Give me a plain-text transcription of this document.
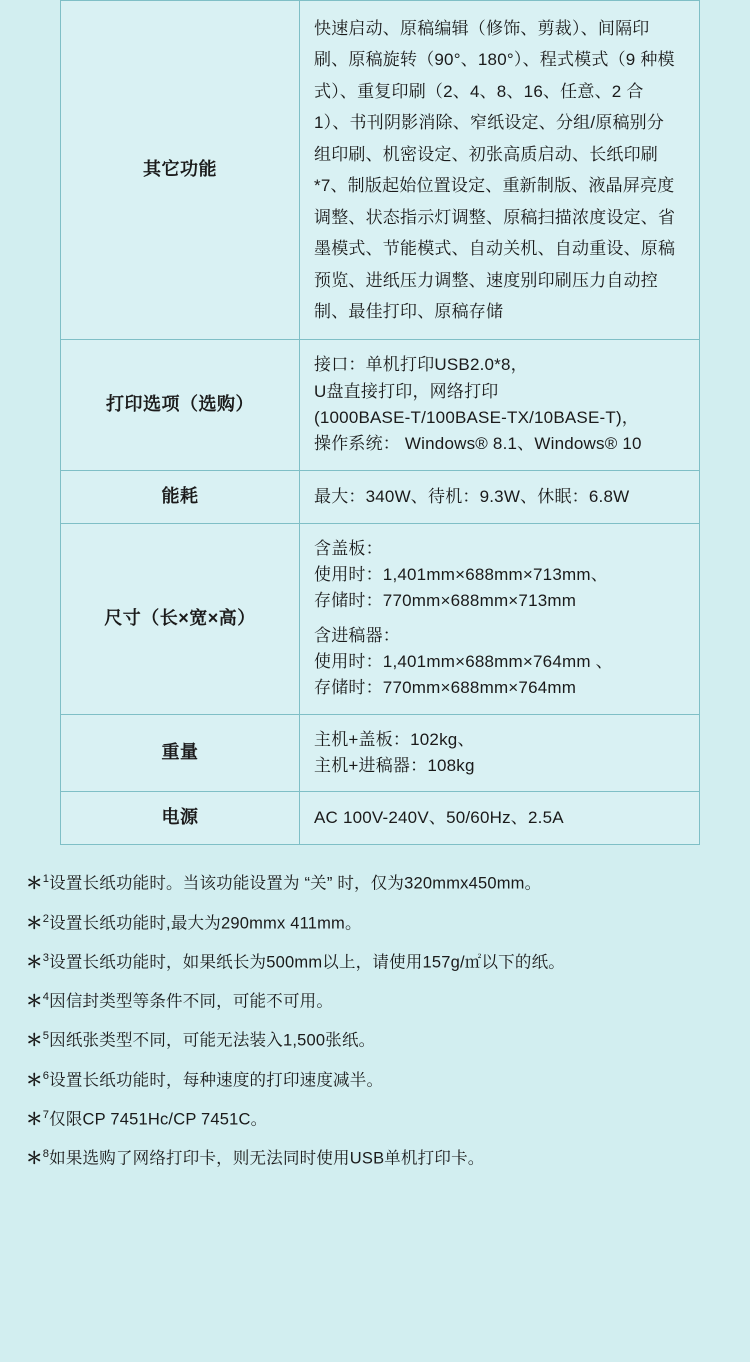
其它功能	快速启动、原稿编辑（修饰、剪裁）、间隔印刷、原稿旋转（90°、180°）、程式模式（9 种模式）、重复印刷（2、4、8、16、任意、2 合 1）、书刊阴影消除、窄纸设定、分组/原稿别分组印刷、机密设定、初张高质启动、长纸印刷 *7、制版起始位置设定、重新制版、液晶屏亮度调整、状态指示灯调整、原稿扫描浓度设定、省墨模式、节能模式、自动关机、自动重设、原稿预览、进纸压力调整、速度别印刷压力自动控制、最佳打印、原稿存储
打印选项（选购）	接口：单机打印USB2.0*8，
U盘直接打印，网络打印
(1000BASE-T/100BASE-TX/10BASE-T)，
操作系统： Windows® 8.1、Windows® 10

能耗	最大：340W、待机：9.3W、休眠：6.8W

尺寸（长×宽×高）	
含盖板：
使用时：1,401mm×688mm×713mm、
存储时：770mm×688mm×713mm
含进稿器：
使用时：1,401mm×688mm×764mm 、
存储时：770mm×688mm×764mm

重量	主机+盖板：102kg、
主机+进稿器：108kg

电源	AC 100V-240V、50/60Hz、2.5A
＊$^1$设置长纸功能时。当该功能设置为 “关” 时，仅为320mmx450mm。
＊$^2$设置长纸功能时,最大为290mmx 411mm。
＊$^3$设置长纸功能时，如果纸长为500mm以上，请使用157g/㎡以下的纸。
＊$^4$因信封类型等条件不同，可能不可用。
＊$^5$因纸张类型不同，可能无法装入1,500张纸。
＊$^6$设置长纸功能时，每种速度的打印速度减半。
＊$^7$仅限CP 7451Hc/CP 7451C。
＊$^8$如果选购了网络打印卡，则无法同时使用USB单机打印卡。
